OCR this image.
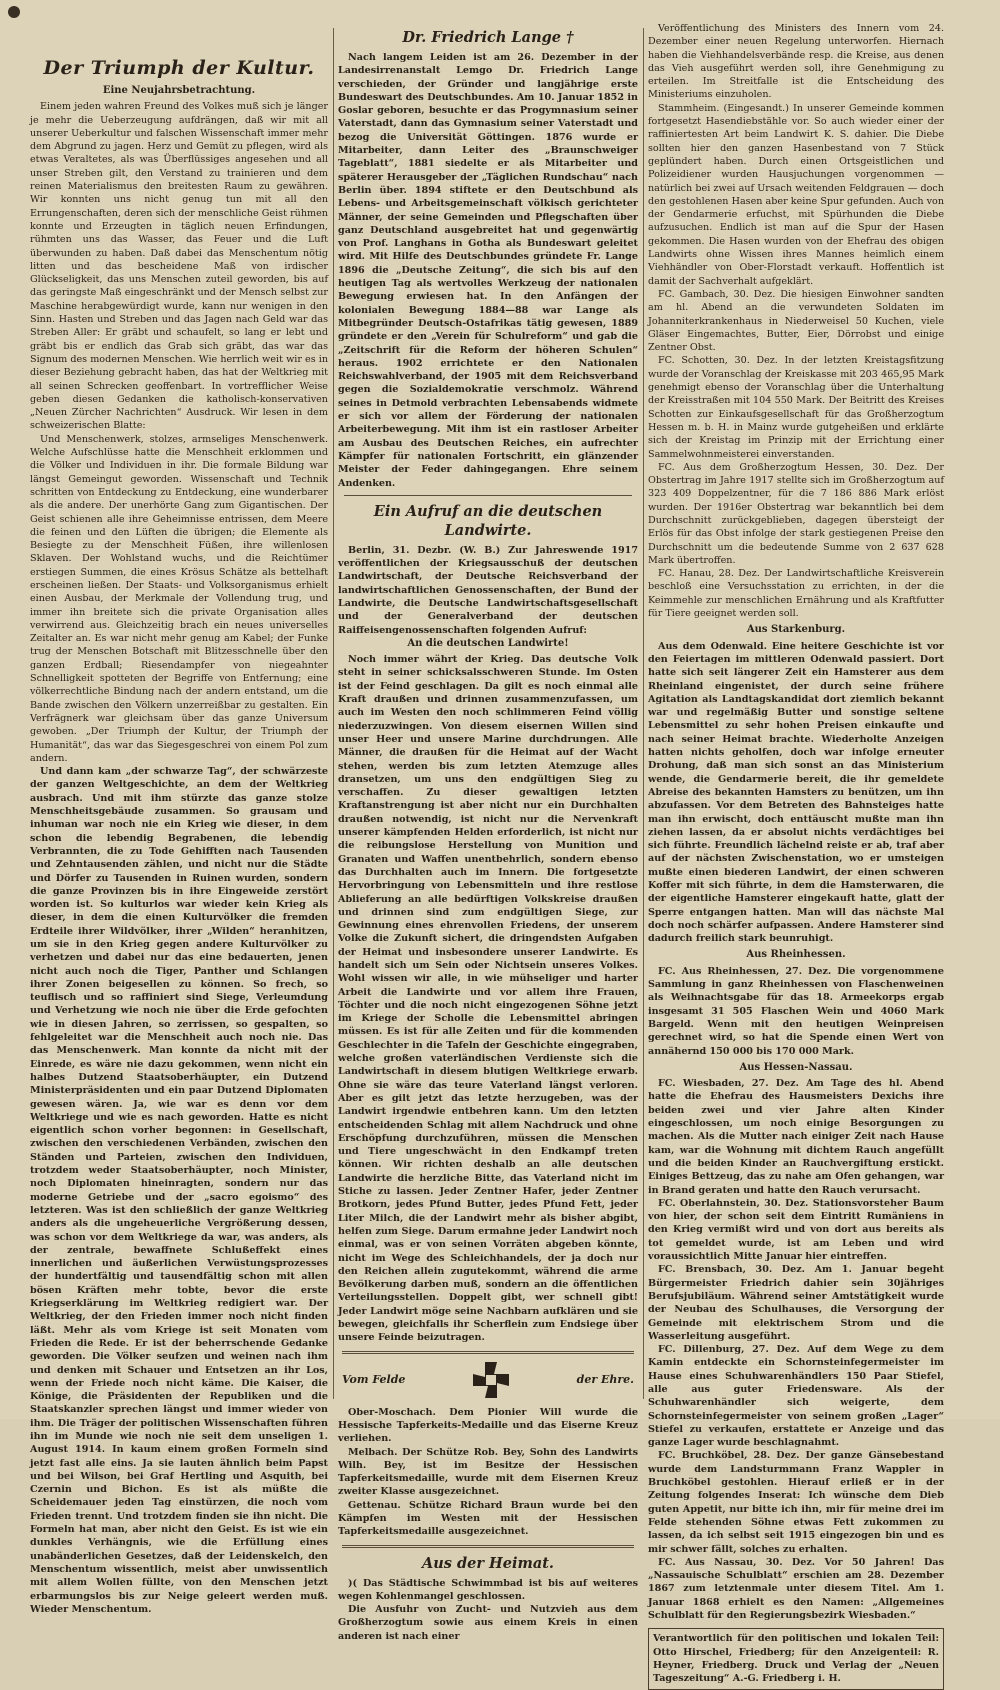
Der Triumph der Kultur.
Eine Neujahrsbetrachtung.

Einem jeden wahren Freund des Volkes muß sich je länger je mehr die Ueberzeugung aufdrängen, daß wir mit all unserer Ueberkultur und falschen Wissenschaft immer mehr dem Abgrund zu jagen. Herz und Gemüt zu pflegen, wird als etwas Veraltetes, als was Überflüssiges angesehen und all unser Streben gilt, den Verstand zu trainieren und dem reinen Materialismus den breitesten Raum zu gewähren. Wir konnten uns nicht genug tun mit all den Errungenschaften, deren sich der menschliche Geist rühmen konnte und Erzeugten in täglich neuen Erfindungen, rühmten uns das Wasser, das Feuer und die Luft überwunden zu haben. Daß dabei das Menschentum nötig litten und das bescheidene Maß von irdischer Glückseligkeit, das uns Menschen zuteil geworden, bis auf das geringste Maß eingeschränkt und der Mensch selbst zur Maschine herabgewürdigt wurde, kann nur wenigen in den Sinn. Hasten und Streben und das Jagen nach Geld war das Streben Aller: Er gräbt und schaufelt, so lang er lebt und gräbt bis er endlich das Grab sich gräbt, das war das Signum des modernen Menschen. Wie herrlich weit wir es in dieser Beziehung gebracht haben, das hat der Weltkrieg mit all seinen Schrecken geoffenbart. In vortrefflicher Weise geben diesen Gedanken die katholisch-konservativen „Neuen Zürcher Nachrichten“ Ausdruck. Wir lesen in dem schweizerischen Blatte:

Und Menschenwerk, stolzes, armseliges Menschenwerk. Welche Aufschlüsse hatte die Menschheit erklommen und die Völker und Individuen in ihr. Die formale Bildung war längst Gemeingut geworden. Wissenschaft und Technik schritten von Entdeckung zu Entdeckung, eine wunderbarer als die andere. Der unerhörte Gang zum Gigantischen. Der Geist schienen alle ihre Geheimnisse entrissen, dem Meere die feinen und den Lüften die übrigen; die Elemente als Besiegte zu der Menschheit Füßen, ihre willenlosen Sklaven. Der Wohlstand wuchs, und die Reichtümer erstiegen Summen, die eines Krösus Schätze als bettelhaft erscheinen ließen. Der Staats- und Volksorganismus erhielt einen Ausbau, der Merkmale der Vollendung trug, und immer ihn breitete sich die private Organisation alles verwirrend aus. Gleichzeitig brach ein neues universelles Zeitalter an. Es war nicht mehr genug am Kabel; der Funke trug der Menschen Botschaft mit Blitzesschnelle über den ganzen Erdball; Riesendampfer von niegeahnter Schnelligkeit spotteten der Begriffe von Entfernung; eine völkerrechtliche Bindung nach der andern entstand, um die Bande zwischen den Völkern unzerreißbar zu gestalten. Ein Verfrägnerk war gleichsam über das ganze Universum gewoben. „Der Triumph der Kultur, der Triumph der Humanität“, das war das Siegesgeschrei von einem Pol zum andern.

Und dann kam „der schwarze Tag“, der schwärzeste der ganzen Weltgeschichte, an dem der Weltkrieg ausbrach. Und mit ihm stürzte das ganze stolze Menschheitsgebäude zusammen. So grausam und inhuman war noch nie ein Krieg wie dieser, in dem schon die lebendig Begrabenen, die lebendig Verbrannten, die zu Tode Gehifften nach Tausenden und Zehntausenden zählen, und nicht nur die Städte und Dörfer zu Tausenden in Ruinen wurden, sondern die ganze Provinzen bis in ihre Eingeweide zerstört worden ist. So kulturlos war wieder kein Krieg als dieser, in dem die einen Kulturvölker die fremden Erdteile ihrer Wildvölker, ihrer „Wilden“ heranhitzen, um sie in den Krieg gegen andere Kulturvölker zu verhetzen und dabei nur das eine bedauerten, jenen nicht auch noch die Tiger, Panther und Schlangen ihrer Zonen beigesellen zu können. So frech, so teuflisch und so raffiniert sind Siege, Verleumdung und Verhetzung wie noch nie über die Erde gefochten wie in diesen Jahren, so zerrissen, so gespalten, so fehlgeleitet war die Menschheit auch noch nie. Das das Menschenwerk. Man konnte da nicht mit der Einrede, es wäre nie dazu gekommen, wenn nicht ein halbes Dutzend Staatsoberhäupter, ein Dutzend Ministerpräsidenten und ein paar Dutzend Diplomaten gewesen wären. Ja, wie war es denn vor dem Weltkriege und wie es nach geworden. Hatte es nicht eigentlich schon vorher begonnen: in Gesellschaft, zwischen den verschiedenen Verbänden, zwischen den Ständen und Parteien, zwischen den Individuen, trotzdem weder Staatsoberhäupter, noch Minister, noch Diplomaten hineinragten, sondern nur das moderne Getriebe und der „sacro egoismo“ des letzteren. Was ist den schließlich der ganze Weltkrieg anders als die ungeheuerliche Vergrößerung dessen, was schon vor dem Weltkriege da war, was anders, als der zentrale, bewaffnete Schlußeffekt eines innerlichen und äußerlichen Verwüstungsprozesses der hundertfältig und tausendfältig schon mit allen bösen Kräften mehr tobte, bevor die erste Kriegserklärung im Weltkrieg redigiert war. Der Weltkrieg, der den Frieden immer noch nicht finden läßt. Mehr als vom Kriege ist seit Monaten vom Frieden die Rede. Er ist der beherrschende Gedanke geworden. Die Völker seufzen und weinen nach ihm und denken mit Schauer und Entsetzen an ihr Los, wenn der Friede noch nicht käme. Die Kaiser, die Könige, die Präsidenten der Republiken und die Staatskanzler sprechen längst und immer wieder von ihm. Die Träger der politischen Wissenschaften führen ihn im Munde wie noch nie seit dem unseligen 1. August 1914. In kaum einem großen Formeln sind jetzt fast alle eins. Ja sie lauten ähnlich beim Papst und bei Wilson, bei Graf Hertling und Asquith, bei Czernin und Bichon. Es ist als müßte die Scheidemauer jeden Tag einstürzen, die noch vom Frieden trennt. Und trotzdem finden sie ihn nicht. Die Formeln hat man, aber nicht den Geist. Es ist wie ein dunkles Verhängnis, wie die Erfüllung eines unabänderlichen Gesetzes, daß der Leidenskelch, den Menschentum wissentlich, meist aber unwissentlich mit allem Wollen füllte, von den Menschen jetzt erbarmungslos bis zur Neige geleert werden muß. Wieder Menschentum.

Dr. Friedrich Lange †

Nach langem Leiden ist am 26. Dezember in der Landesirrenanstalt Lemgo Dr. Friedrich Lange verschieden, der Gründer und langjährige erste Bundeswart des Deutschbundes. Am 10. Januar 1852 in Goslar geboren, besuchte er das Progymnasium seiner Vaterstadt, dann das Gymnasium seiner Vaterstadt und bezog die Universität Göttingen. 1876 wurde er Mitarbeiter, dann Leiter des „Braunschweiger Tageblatt“, 1881 siedelte er als Mitarbeiter und späterer Herausgeber der „Täglichen Rundschau“ nach Berlin über. 1894 stiftete er den Deutschbund als Lebens- und Arbeitsgemeinschaft völkisch gerichteter Männer, der seine Gemeinden und Pflegschaften über ganz Deutschland ausgebreitet hat und gegenwärtig von Prof. Langhans in Gotha als Bundeswart geleitet wird. Mit Hilfe des Deutschbundes gründete Fr. Lange 1896 die „Deutsche Zeitung“, die sich bis auf den heutigen Tag als wertvolles Werkzeug der nationalen Bewegung erwiesen hat. In den Anfängen der kolonialen Bewegung 1884—88 war Lange als Mitbegründer Deutsch-Ostafrikas tätig gewesen, 1889 gründete er den „Verein für Schulreform“ und gab die „Zeitschrift für die Reform der höheren Schulen“ heraus. 1902 errichtete er den Nationalen Reichswahlverband, der 1905 mit dem Reichsverband gegen die Sozialdemokratie verschmolz. Während seines in Detmold verbrachten Lebensabends widmete er sich vor allem der Förderung der nationalen Arbeiterbewegung. Mit ihm ist ein rastloser Arbeiter am Ausbau des Deutschen Reiches, ein aufrechter Kämpfer für nationalen Fortschritt, ein glänzender Meister der Feder dahingegangen. Ehre seinem Andenken.

Ein Aufruf an die deutschen Landwirte.

Berlin, 31. Dezbr. (W. B.) Zur Jahreswende 1917 veröffentlichen der Kriegsausschuß der deutschen Landwirtschaft, der Deutsche Reichsverband der landwirtschaftlichen Genossenschaften, der Bund der Landwirte, die Deutsche Landwirtschaftsgesellschaft und der Generalverband der deutschen Raiffeisengenossenschaften folgenden Aufruf:

An die deutschen Landwirte!

Noch immer währt der Krieg. Das deutsche Volk steht in seiner schicksalsschweren Stunde. Im Osten ist der Feind geschlagen. Da gilt es noch einmal alle Kraft draußen und drinnen zusammenzufassen, um auch im Westen den noch schlimmeren Feind völlig niederzuzwingen. Von diesem eisernen Willen sind unser Heer und unsere Marine durchdrungen. Alle Männer, die draußen für die Heimat auf der Wacht stehen, werden bis zum letzten Atemzuge alles dransetzen, um uns den endgültigen Sieg zu verschaffen. Zu dieser gewaltigen letzten Kraftanstrengung ist aber nicht nur ein Durchhalten draußen notwendig, ist nicht nur die Nervenkraft unserer kämpfenden Helden erforderlich, ist nicht nur die reibungslose Herstellung von Munition und Granaten und Waffen unentbehrlich, sondern ebenso das Durchhalten auch im Innern. Die fortgesetzte Hervorbringung von Lebensmitteln und ihre restlose Ablieferung an alle bedürftigen Volkskreise draußen und drinnen sind zum endgültigen Siege, zur Gewinnung eines ehrenvollen Friedens, der unserem Volke die Zukunft sichert, die dringendsten Aufgaben der Heimat und insbesondere unserer Landwirte. Es handelt sich um Sein oder Nichtsein unseres Volkes. Wohl wissen wir alle, in wie mühseliger und harter Arbeit die Landwirte und vor allem ihre Frauen, Töchter und die noch nicht eingezogenen Söhne jetzt im Kriege der Scholle die Lebensmittel abringen müssen. Es ist für alle Zeiten und für die kommenden Geschlechter in die Tafeln der Geschichte eingegraben, welche großen vaterländischen Verdienste sich die Landwirtschaft in diesem blutigen Weltkriege erwarb. Ohne sie wäre das teure Vaterland längst verloren. Aber es gilt jetzt das letzte herzugeben, was der Landwirt irgendwie entbehren kann. Um den letzten entscheidenden Schlag mit allem Nachdruck und ohne Erschöpfung durchzuführen, müssen die Menschen und Tiere ungeschwächt in den Endkampf treten können. Wir richten deshalb an alle deutschen Landwirte die herzliche Bitte, das Vaterland nicht im Stiche zu lassen. Jeder Zentner Hafer, jeder Zentner Brotkorn, jedes Pfund Butter, jedes Pfund Fett, jeder Liter Milch, die der Landwirt mehr als bisher abgibt, helfen zum Siege. Darum ermahne jeder Landwirt noch einmal, was er von seinen Vorräten abgeben könnte, nicht im Wege des Schleichhandels, der ja doch nur den Reichen allein zugutekommt, während die arme Bevölkerung darben muß, sondern an die öffentlichen Verteilungsstellen. Doppelt gibt, wer schnell gibt! Jeder Landwirt möge seine Nachbarn aufklären und sie bewegen, gleichfalls ihr Scherflein zum Endsiege über unsere Feinde beizutragen.

Vom Felde	der Ehre.

Ober-Moschach. Dem Pionier Will wurde die Hessische Tapferkeits-Medaille und das Eiserne Kreuz verliehen.

Melbach. Der Schütze Rob. Bey, Sohn des Landwirts Wilh. Bey, ist im Besitze der Hessischen Tapferkeitsmedaille, wurde mit dem Eisernen Kreuz zweiter Klasse ausgezeichnet.

Gettenau. Schütze Richard Braun wurde bei den Kämpfen im Westen mit der Hessischen Tapferkeitsmedaille ausgezeichnet.

Aus der Heimat.

)( Das Städtische Schwimmbad ist bis auf weiteres wegen Kohlenmangel geschlossen.

Die Ausfuhr von Zucht- und Nutzvieh aus dem Großherzogtum sowie aus einem Kreis in einen anderen ist nach einer

Veröffentlichung des Ministers des Innern vom 24. Dezember einer neuen Regelung unterworfen. Hiernach haben die Viehhandelsverbände resp. die Kreise, aus denen das Vieh ausgeführt werden soll, ihre Genehmigung zu erteilen. Im Streitfalle ist die Entscheidung des Ministeriums einzuholen.

Stammheim. (Eingesandt.) In unserer Gemeinde kommen fortgesetzt Hasendiebstähle vor. So auch wieder einer der raffiniertesten Art beim Landwirt K. S. dahier. Die Diebe sollten hier den ganzen Hasenbestand von 7 Stück geplündert haben. Durch einen Ortsgeistlichen und Polizeidiener wurden Hausjuchungen vorgenommen — natürlich bei zwei auf Ursach weitenden Feldgrauen — doch den gestohlenen Hasen aber keine Spur gefunden. Auch von der Gendarmerie erfuchst, mit Spürhunden die Diebe aufzusuchen. Endlich ist man auf die Spur der Hasen gekommen. Die Hasen wurden von der Ehefrau des obigen Landwirts ohne Wissen ihres Mannes heimlich einem Viehhändler von Ober-Florstadt verkauft. Hoffentlich ist damit der Sachverhalt aufgeklärt.

FC. Gambach, 30. Dez. Die hiesigen Einwohner sandten am hl. Abend an die verwundeten Soldaten im Johanniterkrankenhaus in Niederweisel 50 Kuchen, viele Gläser Eingemachtes, Butter, Eier, Dörrobst und einige Zentner Obst.

FC. Schotten, 30. Dez. In der letzten Kreistagsfitzung wurde der Voranschlag der Kreiskasse mit 203 465,95 Mark genehmigt ebenso der Voranschlag über die Unterhaltung der Kreisstraßen mit 104 550 Mark. Der Beitritt des Kreises Schotten zur Einkaufsgesellschaft für das Großherzogtum Hessen m. b. H. in Mainz wurde gutgeheißen und erklärte sich der Kreistag im Prinzip mit der Errichtung einer Sammelwohnmeisterei einverstanden.

FC. Aus dem Großherzogtum Hessen, 30. Dez. Der Obstertrag im Jahre 1917 stellte sich im Großherzogtum auf 323 409 Doppelzentner, für die 7 186 886 Mark erlöst wurden. Der 1916er Obstertrag war bekanntlich bei dem Durchschnitt zurückgeblieben, dagegen übersteigt der Erlös für das Obst infolge der stark gestiegenen Preise den Durchschnitt um die bedeutende Summe von 2 637 628 Mark übertroffen.

FC. Hanau, 28. Dez. Der Landwirtschaftliche Kreisverein beschloß eine Versuchsstation zu errichten, in der die Keimmehle zur menschlichen Ernährung und als Kraftfutter für Tiere geeignet werden soll.

Aus Starkenburg.

Aus dem Odenwald. Eine heitere Geschichte ist vor den Feiertagen im mittleren Odenwald passiert. Dort hatte sich seit längerer Zeit ein Hamsterer aus dem Rheinland eingenistet, der durch seine frühere Agitation als Landtagskandidat dort ziemlich bekannt war und regelmäßig Butter und sonstige seltene Lebensmittel zu sehr hohen Preisen einkaufte und nach seiner Heimat brachte. Wiederholte Anzeigen hatten nichts geholfen, doch war infolge erneuter Drohung, daß man sich sonst an das Ministerium wende, die Gendarmerie bereit, die ihr gemeldete Abreise des bekannten Hamsters zu benützen, um ihn abzufassen. Vor dem Betreten des Bahnsteiges hatte man ihn erwischt, doch enttäuscht mußte man ihn ziehen lassen, da er absolut nichts verdächtiges bei sich führte. Freundlich lächelnd reiste er ab, traf aber auf der nächsten Zwischenstation, wo er umsteigen mußte einen biederen Landwirt, der einen schweren Koffer mit sich führte, in dem die Hamsterwaren, die der eigentliche Hamsterer eingekauft hatte, glatt der Sperre entgangen hatten. Man will das nächste Mal doch noch schärfer aufpassen. Andere Hamsterer sind dadurch freilich stark beunruhigt.

Aus Rheinhessen.

FC. Aus Rheinhessen, 27. Dez. Die vorgenommene Sammlung in ganz Rheinhessen von Flaschenweinen als Weihnachtsgabe für das 18. Armeekorps ergab insgesamt 31 505 Flaschen Wein und 4060 Mark Bargeld. Wenn mit den heutigen Weinpreisen gerechnet wird, so hat die Spende einen Wert von annähernd 150 000 bis 170 000 Mark.

Aus Hessen-Nassau.

FC. Wiesbaden, 27. Dez. Am Tage des hl. Abend hatte die Ehefrau des Hausmeisters Dexichs ihre beiden zwei und vier Jahre alten Kinder eingeschlossen, um noch einige Besorgungen zu machen. Als die Mutter nach einiger Zeit nach Hause kam, war die Wohnung mit dichtem Rauch angefüllt und die beiden Kinder an Rauchvergiftung erstickt. Einiges Bettzeug, das zu nahe am Ofen gehangen, war in Brand geraten und hatte den Rauch verursacht.

FC. Oberlahnstein, 30. Dez. Stationsvorsteher Baum von hier, der schon seit dem Eintritt Rumäniens in den Krieg vermißt wird und von dort aus bereits als tot gemeldet wurde, ist am Leben und wird voraussichtlich Mitte Januar hier eintreffen.

FC. Brensbach, 30. Dez. Am 1. Januar begeht Bürgermeister Friedrich dahier sein 30jähriges Berufsjubiläum. Während seiner Amtstätigkeit wurde der Neubau des Schulhauses, die Versorgung der Gemeinde mit elektrischem Strom und die Wasserleitung ausgeführt.

FC. Dillenburg, 27. Dez. Auf dem Wege zu dem Kamin entdeckte ein Schornsteinfegermeister im Hause eines Schuhwarenhändlers 150 Paar Stiefel, alle aus guter Friedensware. Als der Schuhwarenhändler sich weigerte, dem Schornsteinfegermeister von seinem großen „Lager“ Stiefel zu verkaufen, erstattete er Anzeige und das ganze Lager wurde beschlagnahmt.

FC. Bruchköbel, 28. Dez. Der ganze Gänsebestand wurde dem Landsturmmann Franz Wappler in Bruchköbel gestohlen. Hierauf erließ er in der Zeitung folgendes Inserat: Ich wünsche dem Dieb guten Appetit, nur bitte ich ihn, mir für meine drei im Felde stehenden Söhne etwas Fett zukommen zu lassen, da ich selbst seit 1915 eingezogen bin und es mir schwer fällt, solches zu erhalten.

FC. Aus Nassau, 30. Dez. Vor 50 Jahren! Das „Nassauische Schulblatt“ erschien am 28. Dezember 1867 zum letztenmale unter diesem Titel. Am 1. Januar 1868 erhielt es den Namen: „Allgemeines Schulblatt für den Regierungsbezirk Wiesbaden.“

Verantwortlich für den politischen und lokalen Teil: Otto Hirschel, Friedberg; für den Anzeigenteil: R. Heyner, Friedberg. Druck und Verlag der „Neuen Tageszeitung“ A.-G. Friedberg i. H.
